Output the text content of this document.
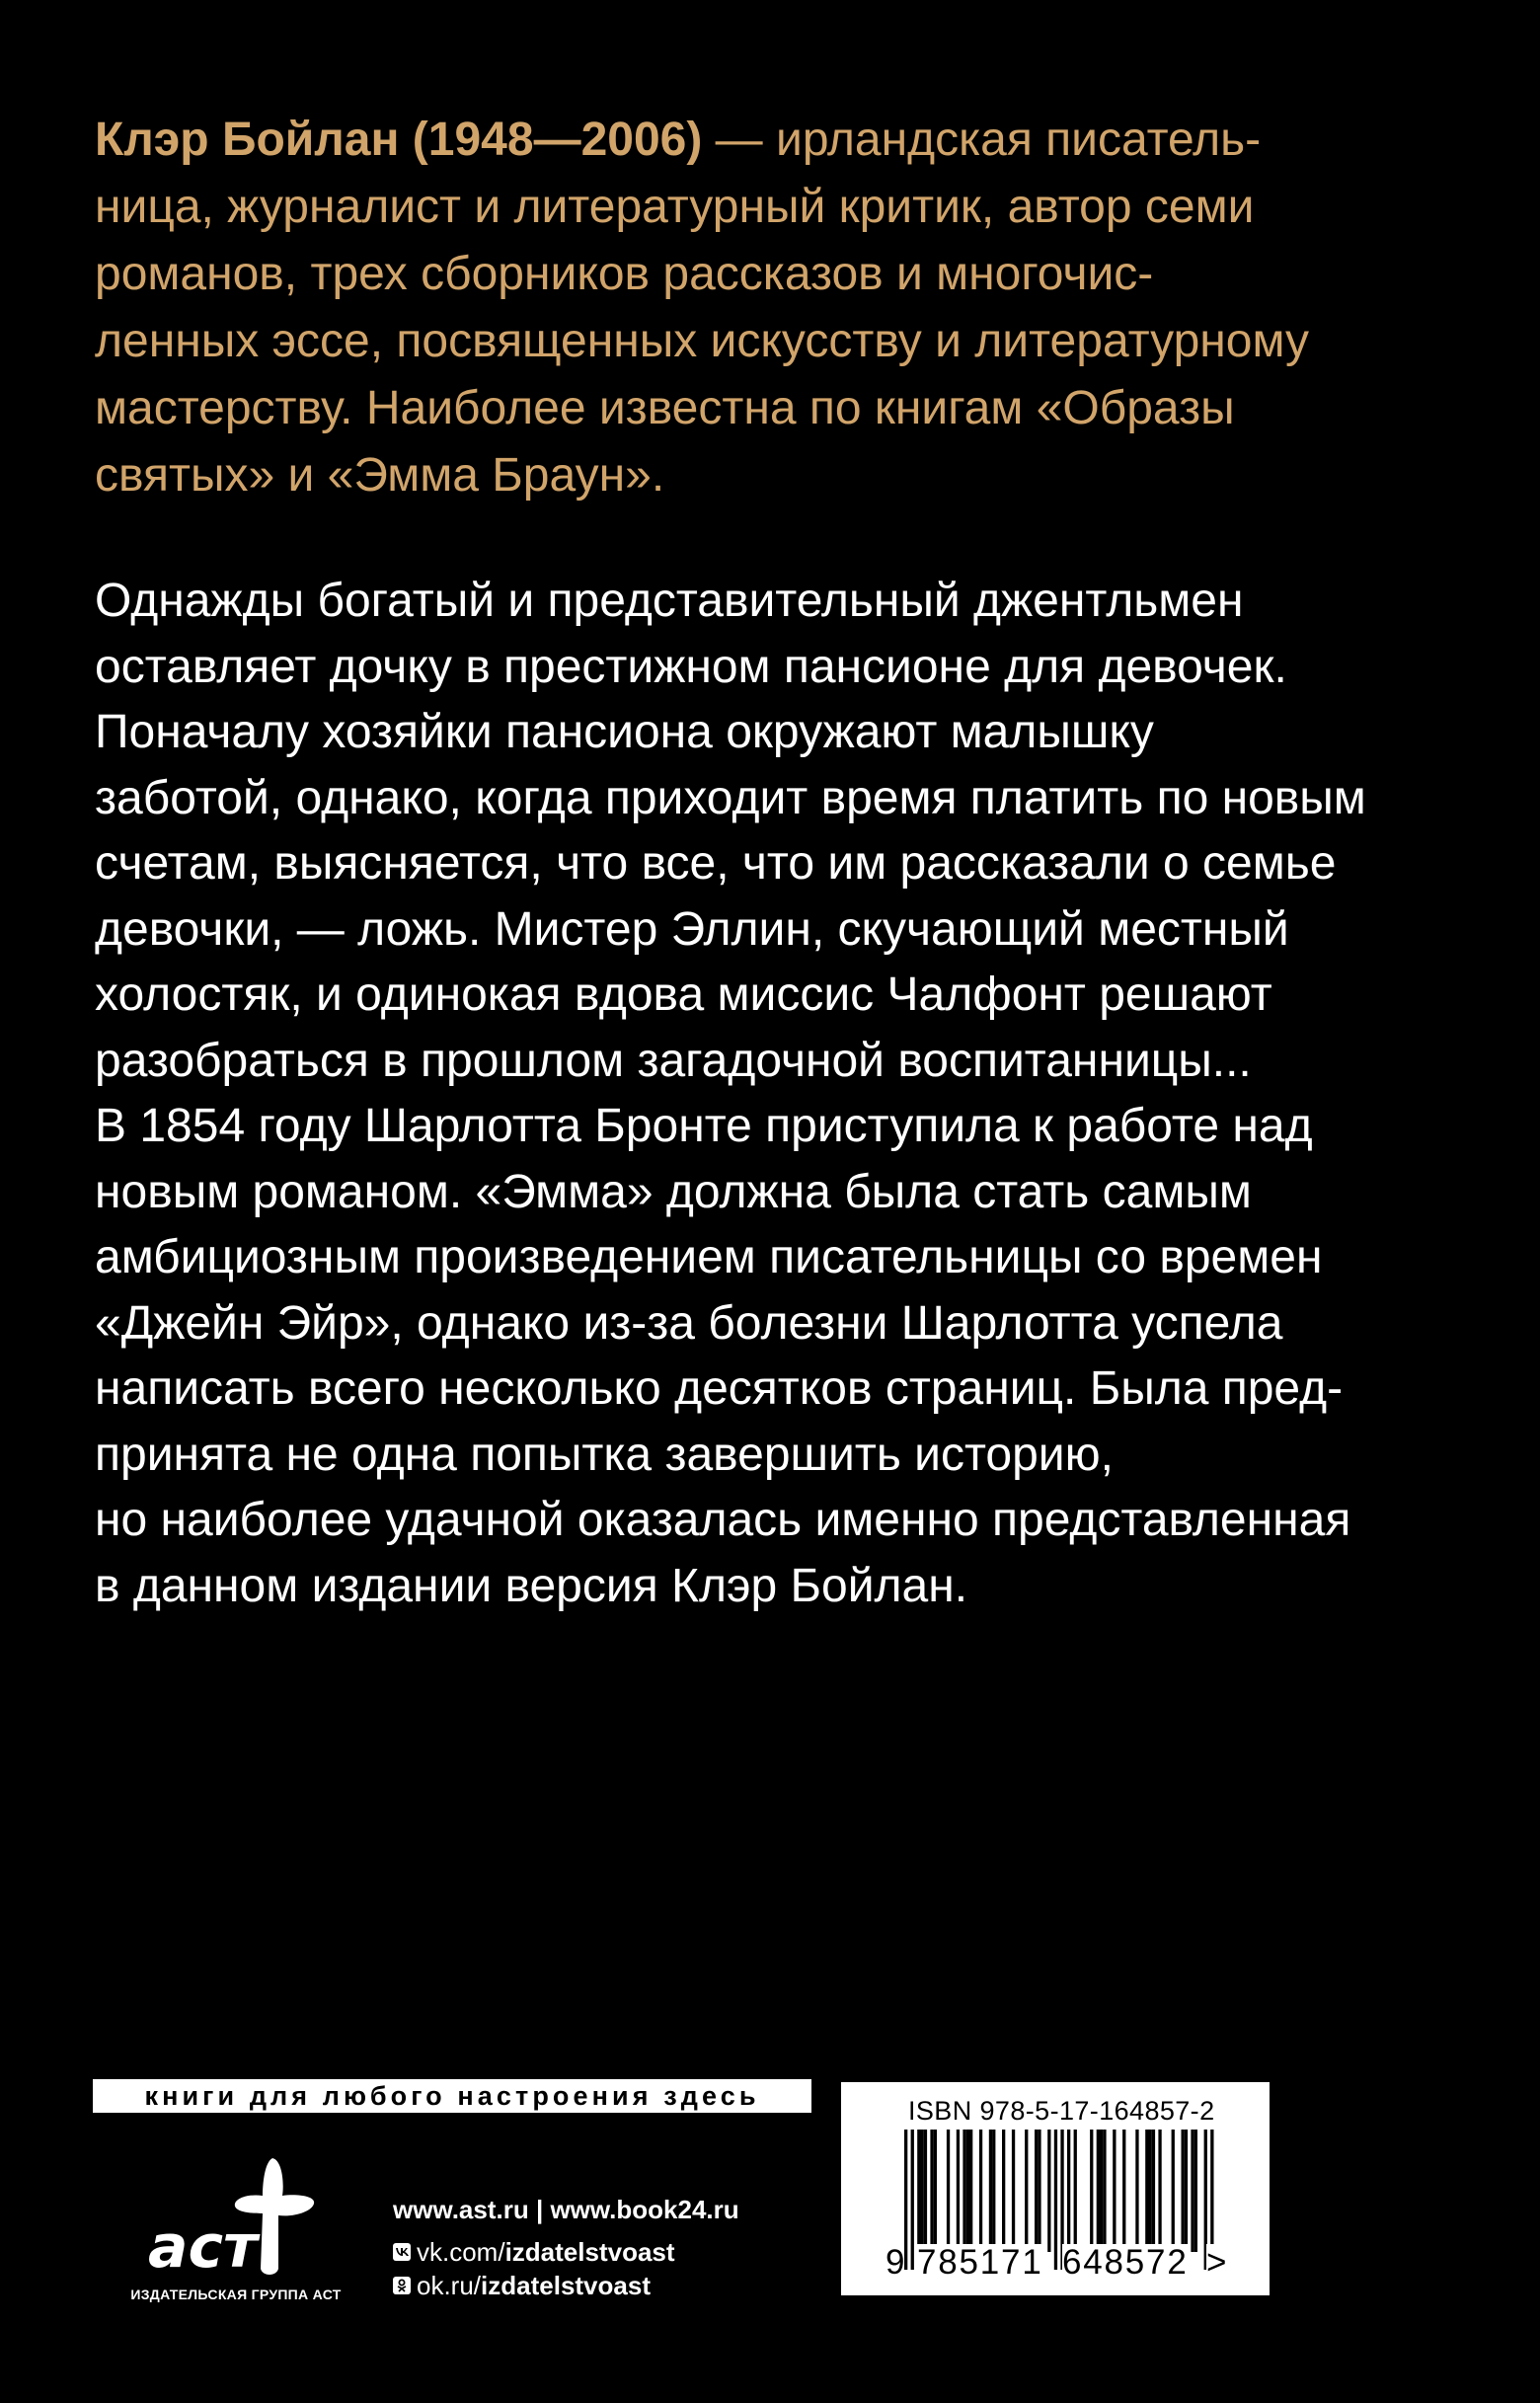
Клэр Бойлан (1948—2006) — ирландская писатель-
ница, журналист и литературный критик, автор семи
романов, трех сборников рассказов и многочис-
ленных эссе, посвященных искусству и литературному
мастерству. Наиболее известна по книгам «Образы
святых» и «Эмма Браун».

Однажды богатый и представительный джентльмен
оставляет дочку в престижном пансионе для девочек.
Поначалу хозяйки пансиона окружают малышку
заботой, однако, когда приходит время платить по новым
счетам, выясняется, что все, что им рассказали о семье
девочки, — ложь. Мистер Эллин, скучающий местный
холостяк, и одинокая вдова миссис Чалфонт решают
разобраться в прошлом загадочной воспитанницы...
В 1854 году Шарлотта Бронте приступила к работе над
новым романом. «Эмма» должна была стать самым
амбициозным произведением писательницы со времен
«Джейн Эйр», однако из-за болезни Шарлотта успела
написать всего несколько десятков страниц. Была пред-
принята не одна попытка завершить историю,
но наиболее удачной оказалась именно представленная
в данном издании версия Клэр Бойлан.

книги для любого настроения здесь
аст
ИЗДАТЕЛЬСКАЯ ГРУППА АСТ
www.ast.ru | www.book24.ru
vk.com/ izdatelstvoast
ok.ru/ izdatelstvoast
ISBN 978-5-17-164857-2
9 785171 648572 >
